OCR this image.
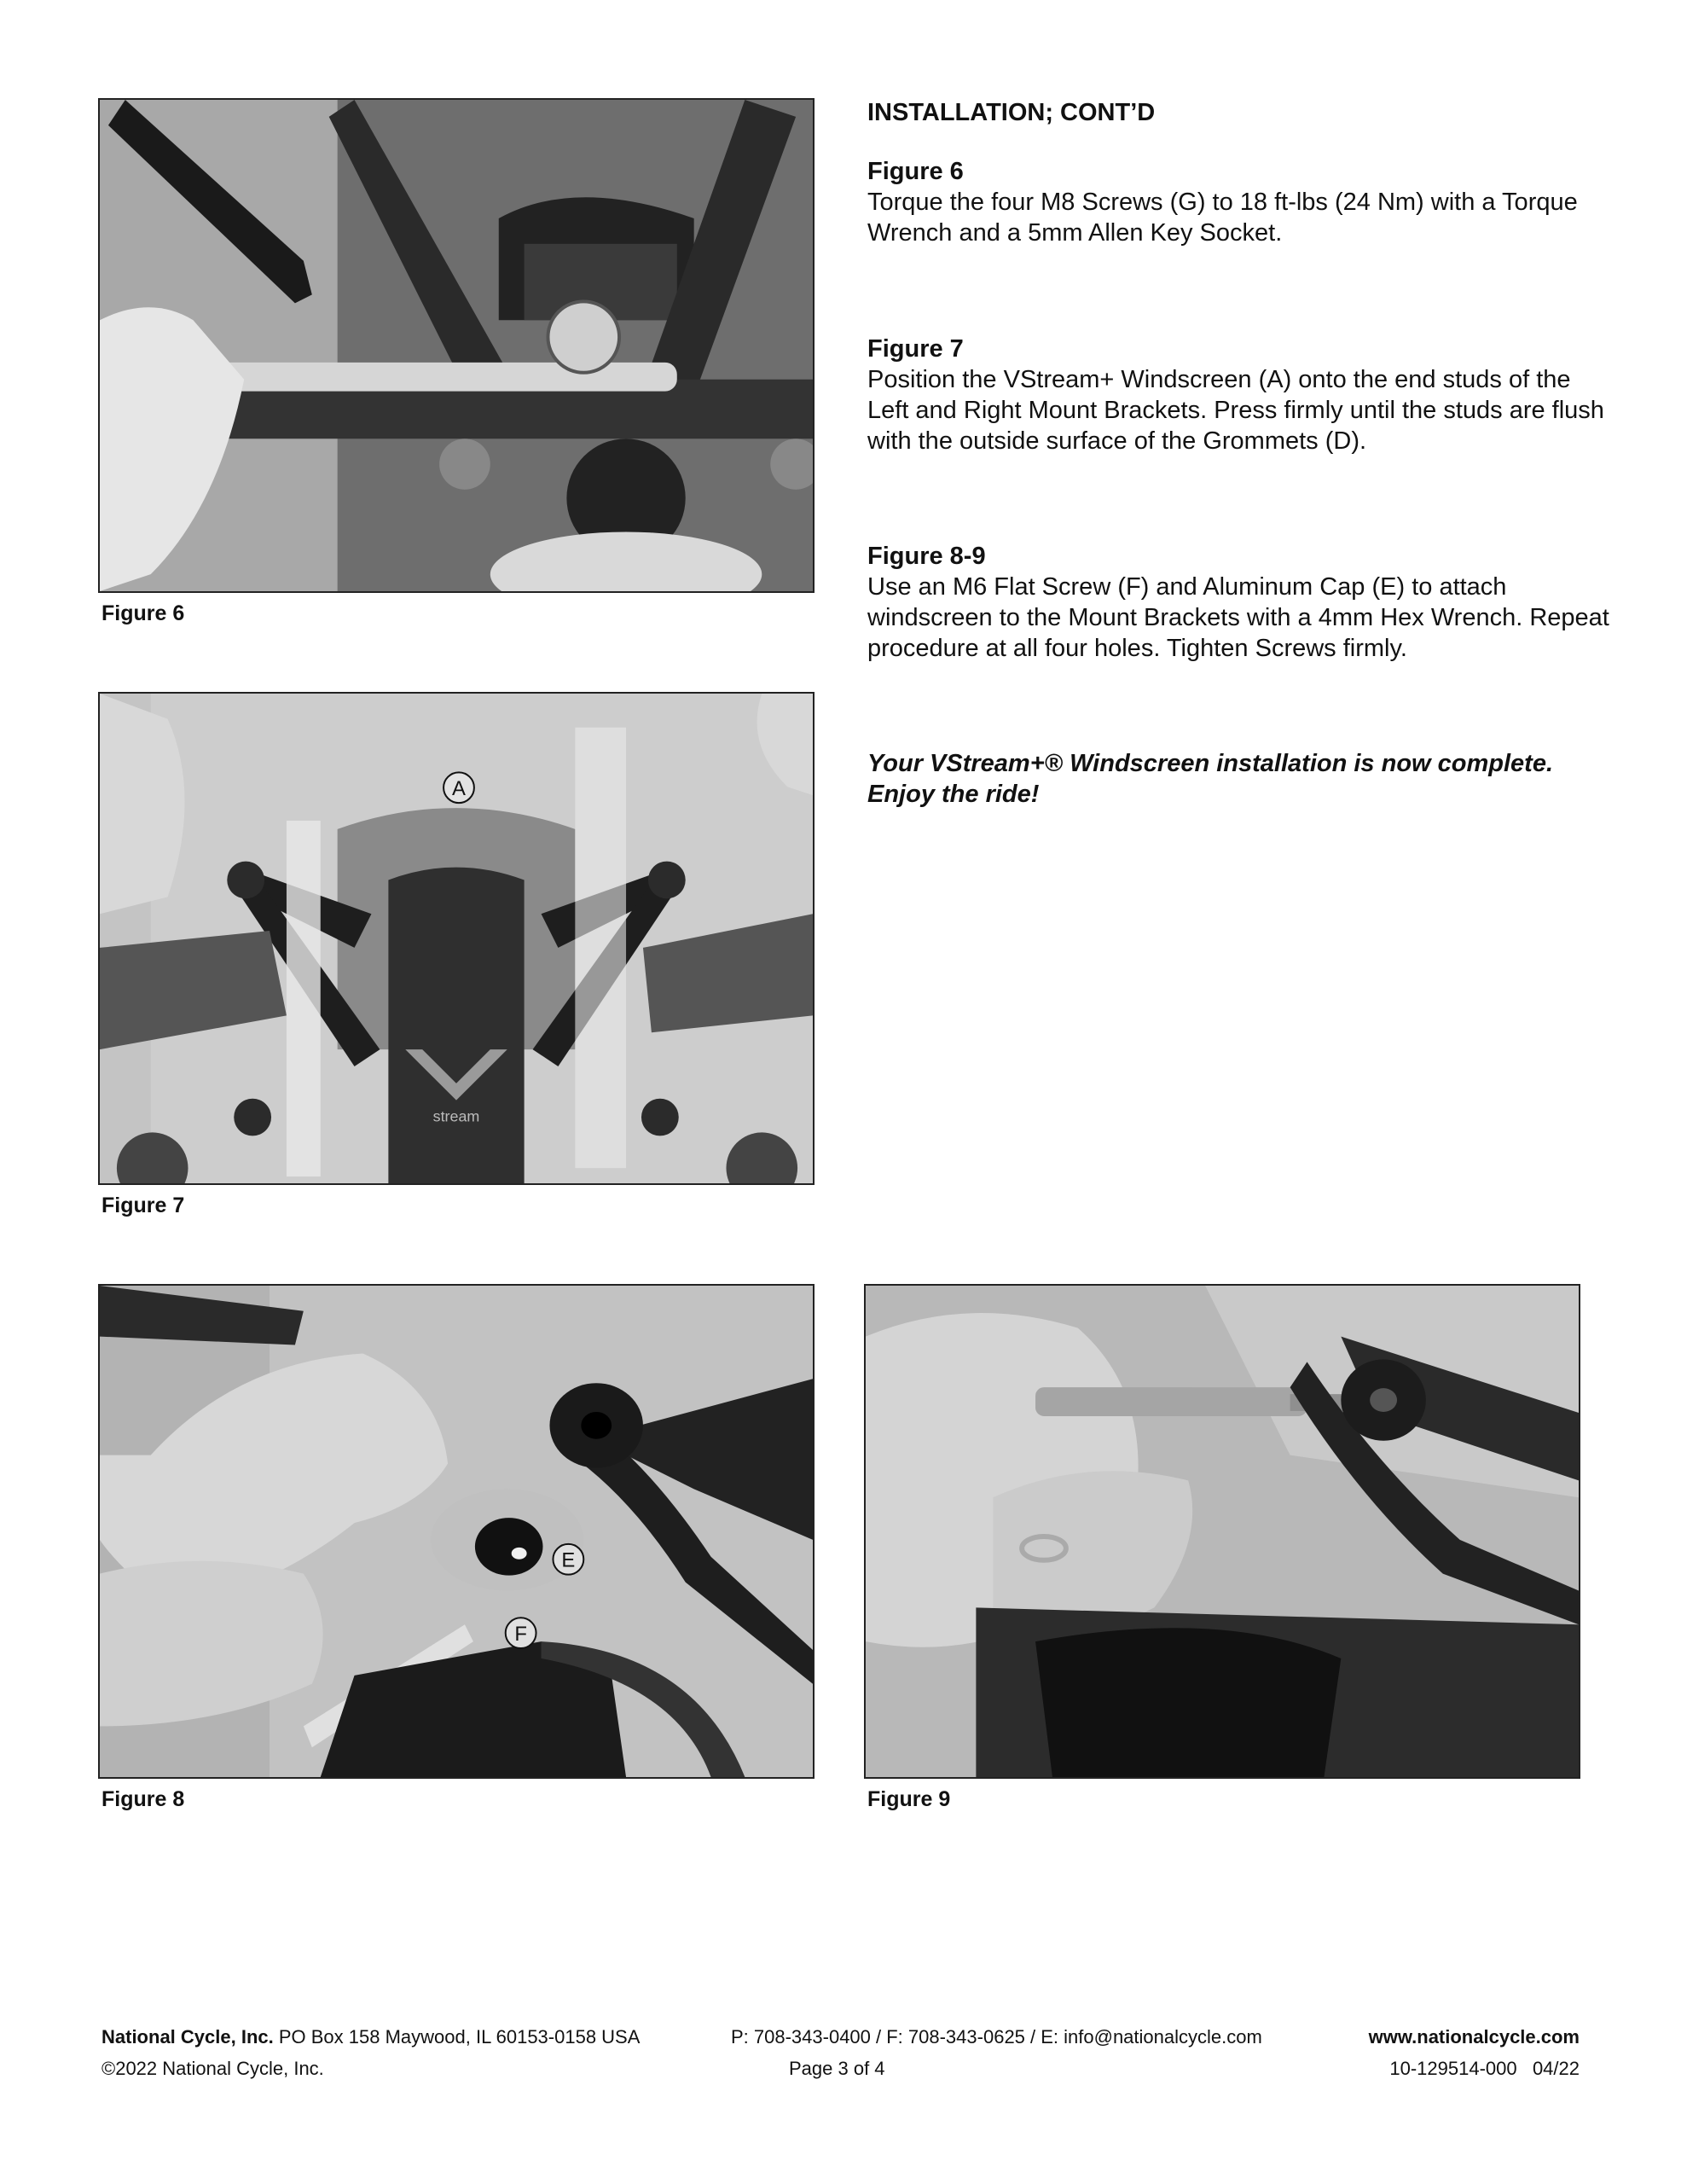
Figure 6
stream
A
Figure 7
E
F
Figure 8	Figure 9
INSTALLATION; CONT’D
Figure 6
Torque the four M8 Screws (G) to 18 ft-lbs (24 Nm) with a Torque Wrench and a 5mm Allen Key Socket.
Figure 7
Position the VStream+ Windscreen (A) onto the end studs of the Left and Right Mount Brackets. Press firmly until the studs are flush with the outside surface of the Grommets (D).
Figure 8-9
Use an M6 Flat Screw (F) and Aluminum Cap (E) to attach windscreen to the Mount Brackets with a 4mm Hex Wrench. Repeat procedure at all four holes. Tighten Screws firmly.
Your VStream+® Windscreen installation is now complete.
Enjoy the ride!
National Cycle, Inc. PO Box 158 Maywood, IL 60153-0158 USA	P: 708-343-0400 / F: 708-343-0625 / E: info@nationalcycle.com	www.nationalcycle.com
©2022 National Cycle, Inc.	Page 3 of 4	10-129514-000   04/22
